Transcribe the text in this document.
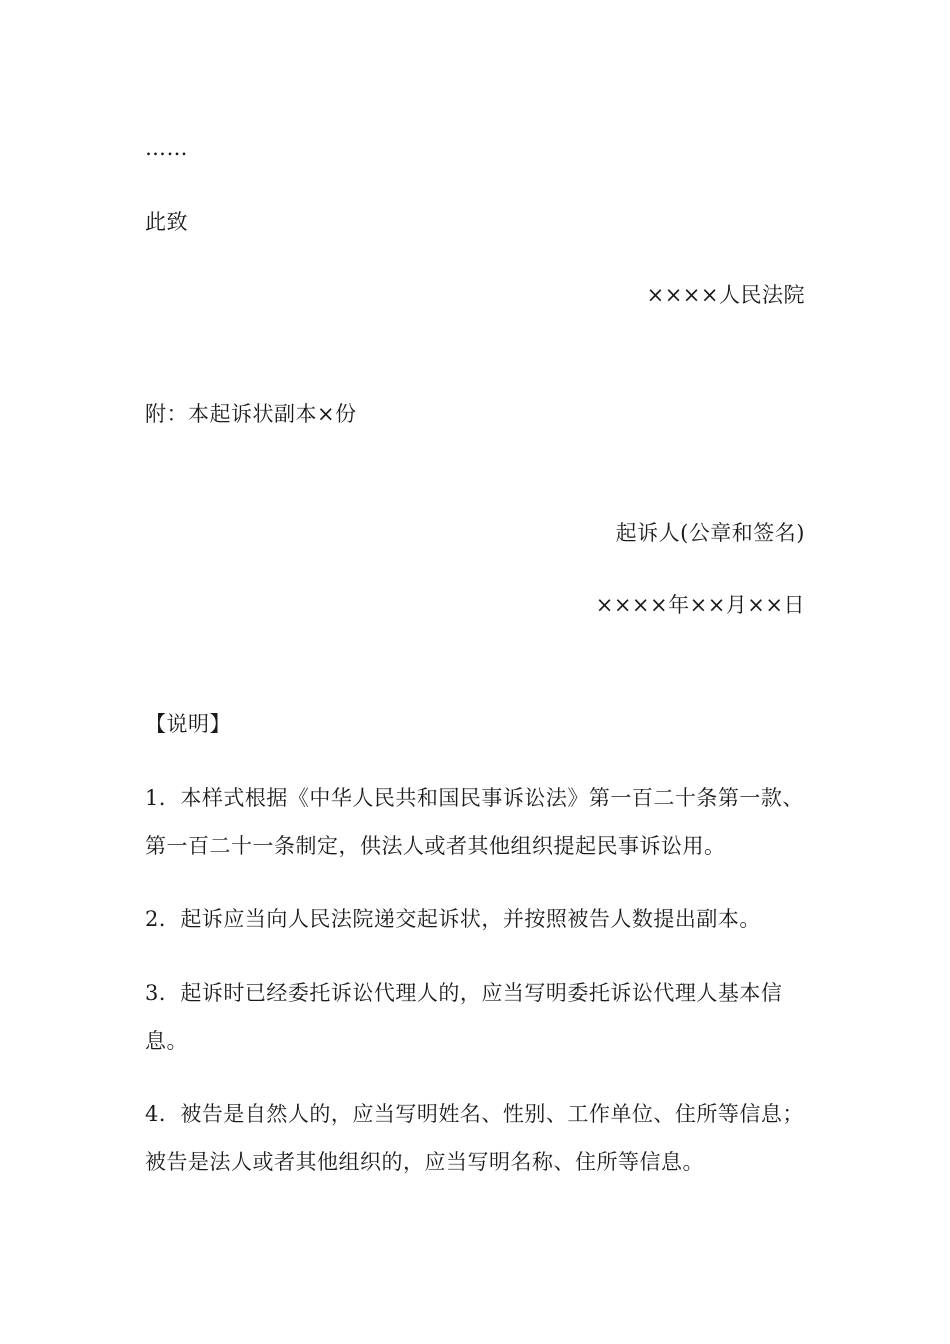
……
此致
××××人民法院
附：本起诉状副本×份
起诉人(公章和签名)
××××年××月××日
【说明】
1．本样式根据《中华人民共和国民事诉讼法》第一百二十条第一款、
第一百二十一条制定，供法人或者其他组织提起民事诉讼用。
2．起诉应当向人民法院递交起诉状，并按照被告人数提出副本。
3．起诉时已经委托诉讼代理人的，应当写明委托诉讼代理人基本信
息。
4．被告是自然人的，应当写明姓名、性别、工作单位、住所等信息；
被告是法人或者其他组织的，应当写明名称、住所等信息。
